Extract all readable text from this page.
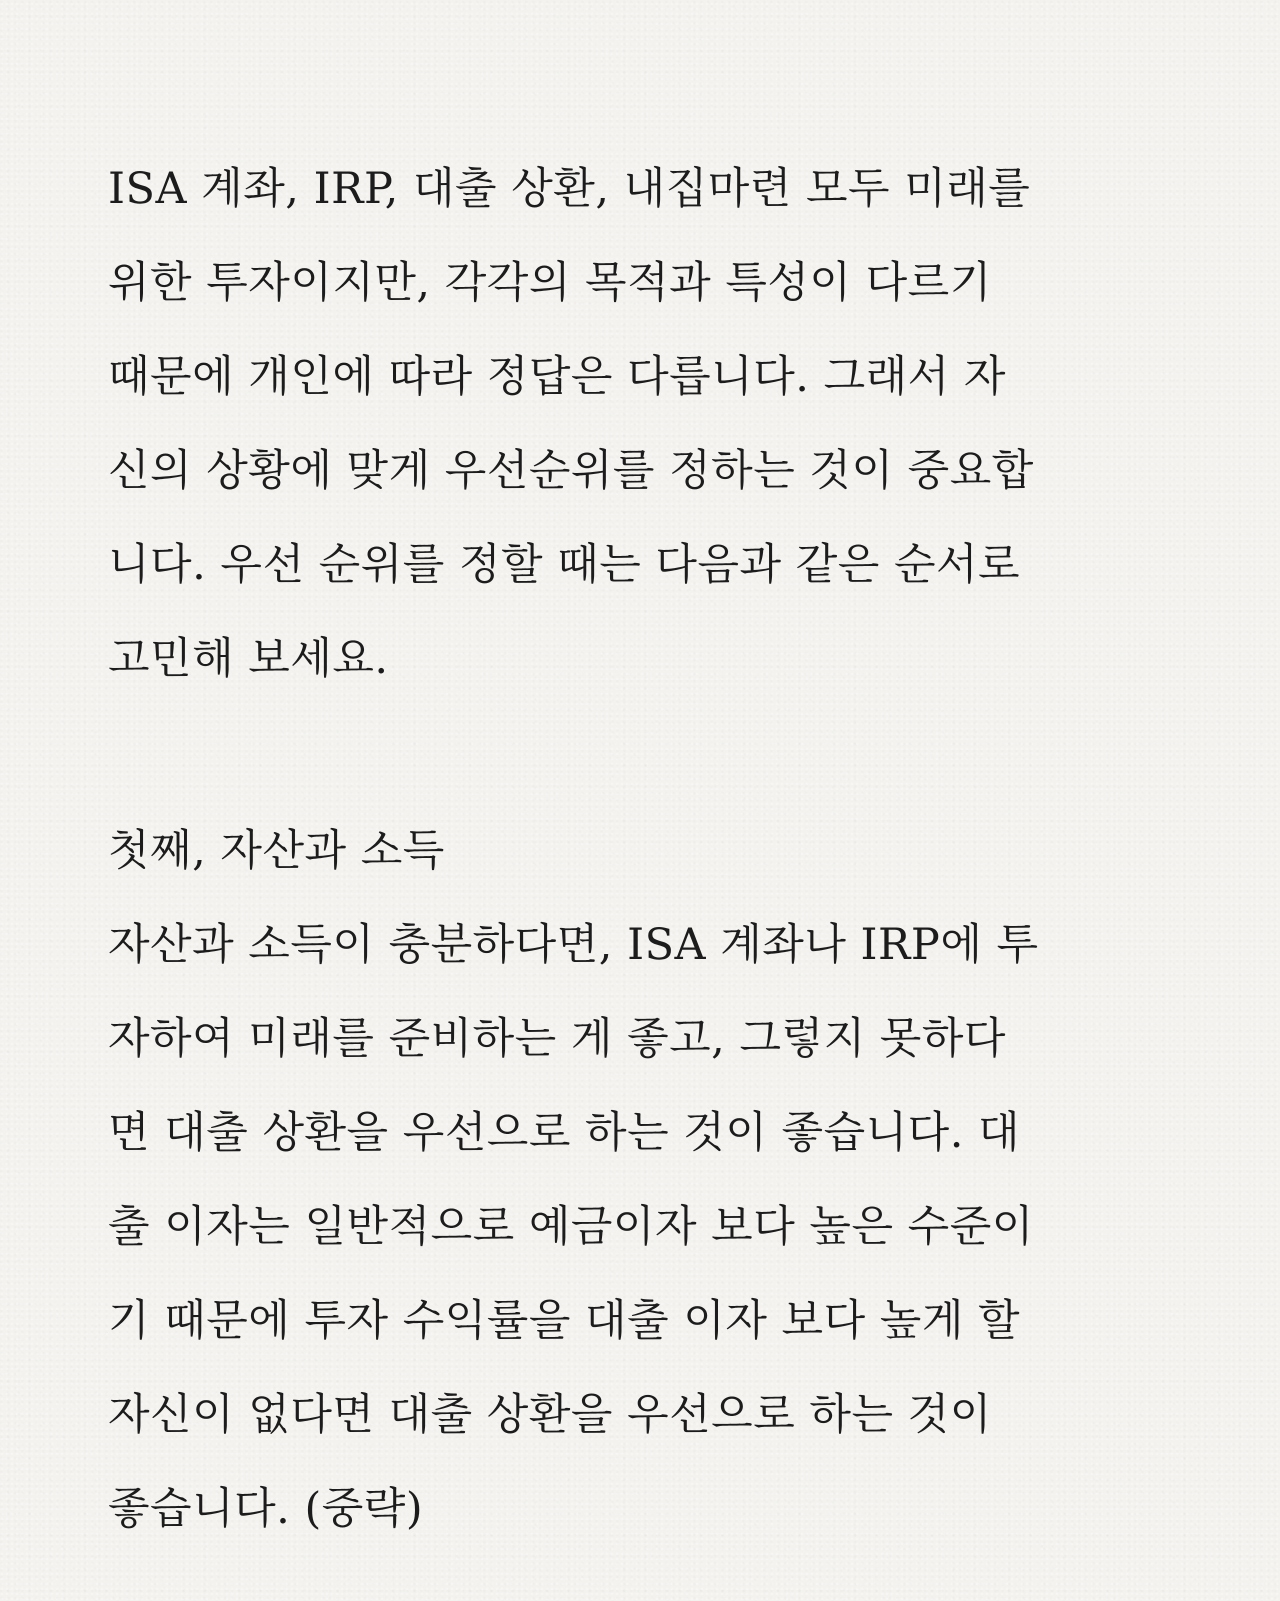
ISA 계좌, IRP, 대출 상환, 내집마련 모두 미래를
위한 투자이지만, 각각의 목적과 특성이 다르기
때문에 개인에 따라 정답은 다릅니다. 그래서 자
신의 상황에 맞게 우선순위를 정하는 것이 중요합
니다. 우선 순위를 정할 때는 다음과 같은 순서로
고민해 보세요.
첫째, 자산과 소득
자산과 소득이 충분하다면, ISA 계좌나 IRP에 투
자하여 미래를 준비하는 게 좋고, 그렇지 못하다
면 대출 상환을 우선으로 하는 것이 좋습니다. 대
출 이자는 일반적으로 예금이자 보다 높은 수준이
기 때문에 투자 수익률을 대출 이자 보다 높게 할
자신이 없다면 대출 상환을 우선으로 하는 것이
좋습니다. (중략)
